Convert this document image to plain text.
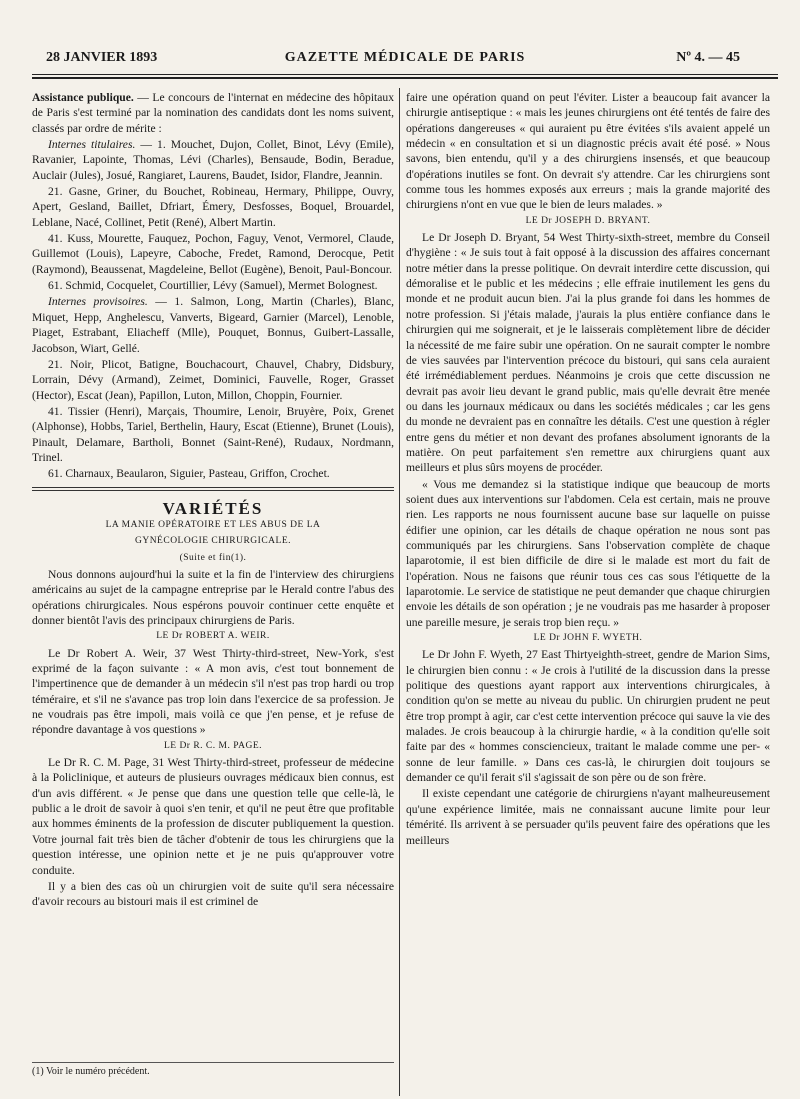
28 JANVIER 1893	GAZETTE MÉDICALE DE PARIS	Nº 4. — 45

Assistance publique. — Le concours de l'internat en médecine des hôpitaux de Paris s'est terminé par la nomination des candidats dont les noms suivent, classés par ordre de mérite :

Internes titulaires. — 1. Mouchet, Dujon, Collet, Binot, Lévy (Emile), Ravanier, Lapointe, Thomas, Lévi (Charles), Bensaude, Bodin, Beradue, Auclair (Jules), Josué, Rangiaret, Laurens, Baudet, Isidor, Flandre, Jeannin.

21. Gasne, Griner, du Bouchet, Robineau, Hermary, Philippe, Ouvry, Apert, Gesland, Baillet, Dfriart, Émery, Desfosses, Boquel, Brouardel, Leblane, Nacé, Collinet, Petit (René), Albert Martin.

41. Kuss, Mourette, Fauquez, Pochon, Faguy, Venot, Vermorel, Claude, Guillemot (Louis), Lapeyre, Caboche, Fredet, Ramond, Derocque, Petit (Raymond), Beaussenat, Magdeleine, Bellot (Eugène), Benoit, Paul-Boncour.

61. Schmid, Cocquelet, Courtillier, Lévy (Samuel), Mermet Bolognest.

Internes provisoires. — 1. Salmon, Long, Martin (Charles), Blanc, Miquet, Hepp, Anghelescu, Vanverts, Bigeard, Garnier (Marcel), Lenoble, Piaget, Estrabant, Eliacheff (Mlle), Pouquet, Bonnus, Guibert-Lassalle, Jacobson, Wiart, Gellé.

21. Noir, Plicot, Batigne, Bouchacourt, Chauvel, Chabry, Didsbury, Lorrain, Dévy (Armand), Zeimet, Dominici, Fauvelle, Roger, Grasset (Hector), Escat (Jean), Papillon, Luton, Millon, Choppin, Fournier.

41. Tissier (Henri), Marçais, Thoumire, Lenoir, Bruyère, Poix, Grenet (Alphonse), Hobbs, Tariel, Berthelin, Haury, Escat (Etienne), Brunet (Louis), Pinault, Delamare, Bartholi, Bonnet (Saint-René), Rudaux, Nordmann, Trinel.

61. Charnaux, Beaularon, Siguier, Pasteau, Griffon, Crochet.

VARIÉTÉS

LA MANIE OPÉRATOIRE ET LES ABUS DE LA

GYNÉCOLOGIE CHIRURGICALE.

(Suite et fin(1).

Nous donnons aujourd'hui la suite et la fin de l'interview des chirurgiens américains au sujet de la campagne entreprise par le Herald contre l'abus des opérations chirurgicales. Nous espérons pouvoir continuer cette enquête et donner bientôt l'avis des principaux chirurgiens de Paris.

LE Dr ROBERT A. WEIR.

Le Dr Robert A. Weir, 37 West Thirty-third-street, New-York, s'est exprimé de la façon suivante : « A mon avis, c'est tout bonnement de l'impertinence que de demander à un médecin s'il n'est pas trop hardi ou trop téméraire, et s'il ne s'avance pas trop loin dans l'exercice de sa profession. Je ne voudrais pas être impoli, mais voilà ce que j'en pense, et je refuse de répondre davantage à vos questions »

LE Dr R. C. M. PAGE.

Le Dr R. C. M. Page, 31 West Thirty-third-street, professeur de médecine à la Policlinique, et auteurs de plusieurs ouvrages médicaux bien connus, est d'un avis différent. « Je pense que dans une question telle que celle-là, le public a le droit de savoir à quoi s'en tenir, et qu'il ne peut être que profitable aux hommes éminents de la profession de discuter publiquement la question. Votre journal fait très bien de tâcher d'obtenir de tous les chirurgiens que la question intéresse, une opinion nette et je ne puis qu'approuver votre conduite.

Il y a bien des cas où un chirurgien voit de suite qu'il sera nécessaire d'avoir recours au bistouri mais il est criminel de

faire une opération quand on peut l'éviter. Lister a beaucoup fait avancer la chirurgie antiseptique : « mais les jeunes chirurgiens ont été tentés de faire des opérations dangereuses « qui auraient pu être évitées s'ils avaient appelé un médecin « en consultation et si un diagnostic précis avait été posé. » Nous savons, bien entendu, qu'il y a des chirurgiens insensés, et que beaucoup d'opérations inutiles se font. On devrait s'y attendre. Car les chirurgiens sont comme tous les hommes exposés aux erreurs ; mais la grande majorité des chirurgiens n'ont en vue que le bien de leurs malades. »

LE Dr JOSEPH D. BRYANT.

Le Dr Joseph D. Bryant, 54 West Thirty-sixth-street, membre du Conseil d'hygiène : « Je suis tout à fait opposé à la discussion des affaires concernant notre métier dans la presse politique. On devrait interdire cette discussion, qui démoralise et le public et les médecins ; elle effraie inutilement les gens du monde et ne produit aucun bien. J'ai la plus grande foi dans les hommes de notre profession. Si j'étais malade, j'aurais la plus entière confiance dans le chirurgien qui me soignerait, et je le laisserais complètement libre de décider la nécessité de me faire subir une opération. On ne saurait compter le nombre de vies sauvées par l'intervention précoce du bistouri, qui sans cela auraient été irrémédiablement perdues. Néanmoins je crois que cette discussion ne devrait pas avoir lieu devant le grand public, mais qu'elle devrait être menée ou dans les journaux médicaux ou dans les sociétés médicales ; car les gens du monde ne devraient pas en connaître les détails. C'est une question à régler entre gens du métier et non devant des profanes absolument ignorants de la matière. On peut parfaitement s'en remettre aux chirurgiens quant aux meilleurs et plus sûrs moyens de procéder.

« Vous me demandez si la statistique indique que beaucoup de morts soient dues aux interventions sur l'abdomen. Cela est certain, mais ne prouve rien. Les rapports ne nous fournissent aucune base sur laquelle on puisse édifier une opinion, car les détails de chaque opération ne nous sont pas communiqués par les chirurgiens. Sans l'observation complète de chaque laparotomie, il est bien difficile de dire si le malade est mort du fait de l'opération. Nous ne faisons que réunir tous ces cas sous l'étiquette de la laparotomie. Le service de statistique ne peut demander que chaque chirurgien envoie les détails de son opération ; je ne voudrais pas me hasarder à proposer une pareille mesure, je serais trop bien reçu. »

LE Dr JOHN F. WYETH.

Le Dr John F. Wyeth, 27 East Thirtyeighth-street, gendre de Marion Sims, le chirurgien bien connu : « Je crois à l'utilité de la discussion dans la presse politique des questions ayant rapport aux interventions chirurgicales, à condition qu'on se mette au niveau du public. Un chirurgien prudent ne peut être trop prompt à agir, car c'est cette intervention précoce qui sauve la vie des malades. Je crois beaucoup à la chirurgie hardie, « à la condition qu'elle soit faite par des « hommes consciencieux, traitant le malade comme une per- « sonne de leur famille. » Dans ces cas-là, le chirurgien doit toujours se demander ce qu'il ferait s'il s'agissait de son père ou de son frère.

Il existe cependant une catégorie de chirurgiens n'ayant malheureusement qu'une expérience limitée, mais ne connaissant aucune limite pour leur témérité. Ils arrivent à se persuader qu'ils peuvent faire des opérations que les meilleurs

(1) Voir le numéro précédent.
